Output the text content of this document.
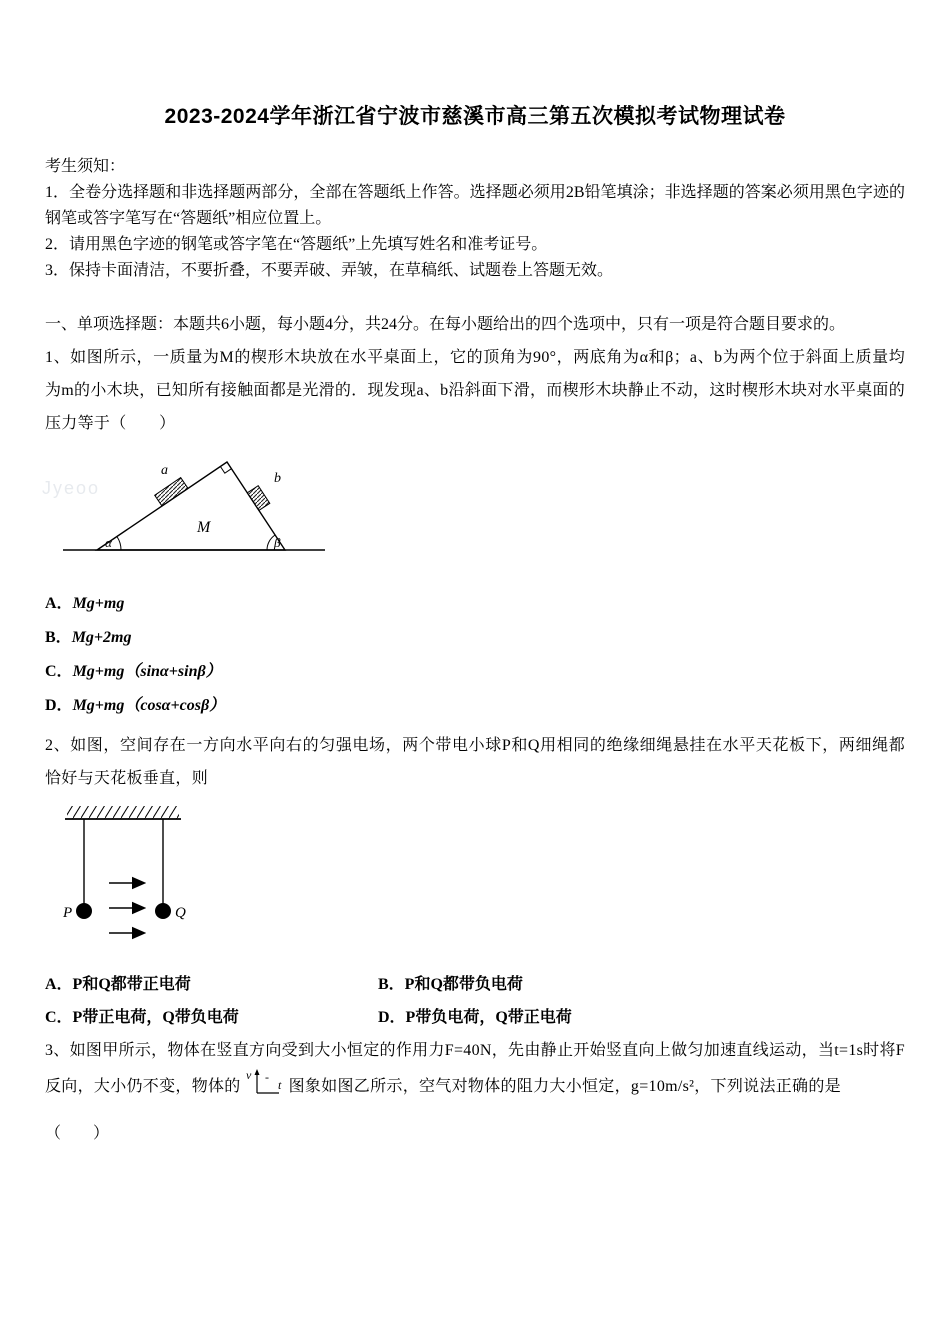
Jyeoo
2023-2024学年浙江省宁波市慈溪市高三第五次模拟考试物理试卷

考生须知：

1．全卷分选择题和非选择题两部分，全部在答题纸上作答。选择题必须用2B铅笔填涂；非选择题的答案必须用黑色字迹的钢笔或答字笔写在“答题纸”相应位置上。

2．请用黑色字迹的钢笔或答字笔在“答题纸”上先填写姓名和准考证号。

3．保持卡面清洁，不要折叠，不要弄破、弄皱，在草稿纸、试题卷上答题无效。

一、单项选择题：本题共6小题，每小题4分，共24分。在每小题给出的四个选项中，只有一项是符合题目要求的。

1、如图所示，一质量为M的楔形木块放在水平桌面上，它的顶角为90°，两底角为α和β；a、b为两个位于斜面上质量均为m的小木块，已知所有接触面都是光滑的．现发现a、b沿斜面下滑，而楔形木块静止不动，这时楔形木块对水平桌面的压力等于（　　）

a
b
M
α	β
A．Mg+mg
B．Mg+2mg
C．Mg+mg（sinα+sinβ）
D．Mg+mg（cosα+cosβ）

2、如图，空间存在一方向水平向右的匀强电场，两个带电小球P和Q用相同的绝缘细绳悬挂在水平天花板下，两细绳都恰好与天花板垂直，则

P	Q
A．P和Q都带正电荷	B．P和Q都带负电荷
C．P带正电荷，Q带负电荷	D．P带负电荷，Q带正电荷

3、如图甲所示，物体在竖直方向受到大小恒定的作用力F=40N，先由静止开始竖直向上做匀加速直线运动，当t=1s时将F反向，大小仍不变，物体的
v -
t 图象如图乙所示，空气对物体的阻力大小恒定，g=10m/s²，下列说法正确的是

（　　）
